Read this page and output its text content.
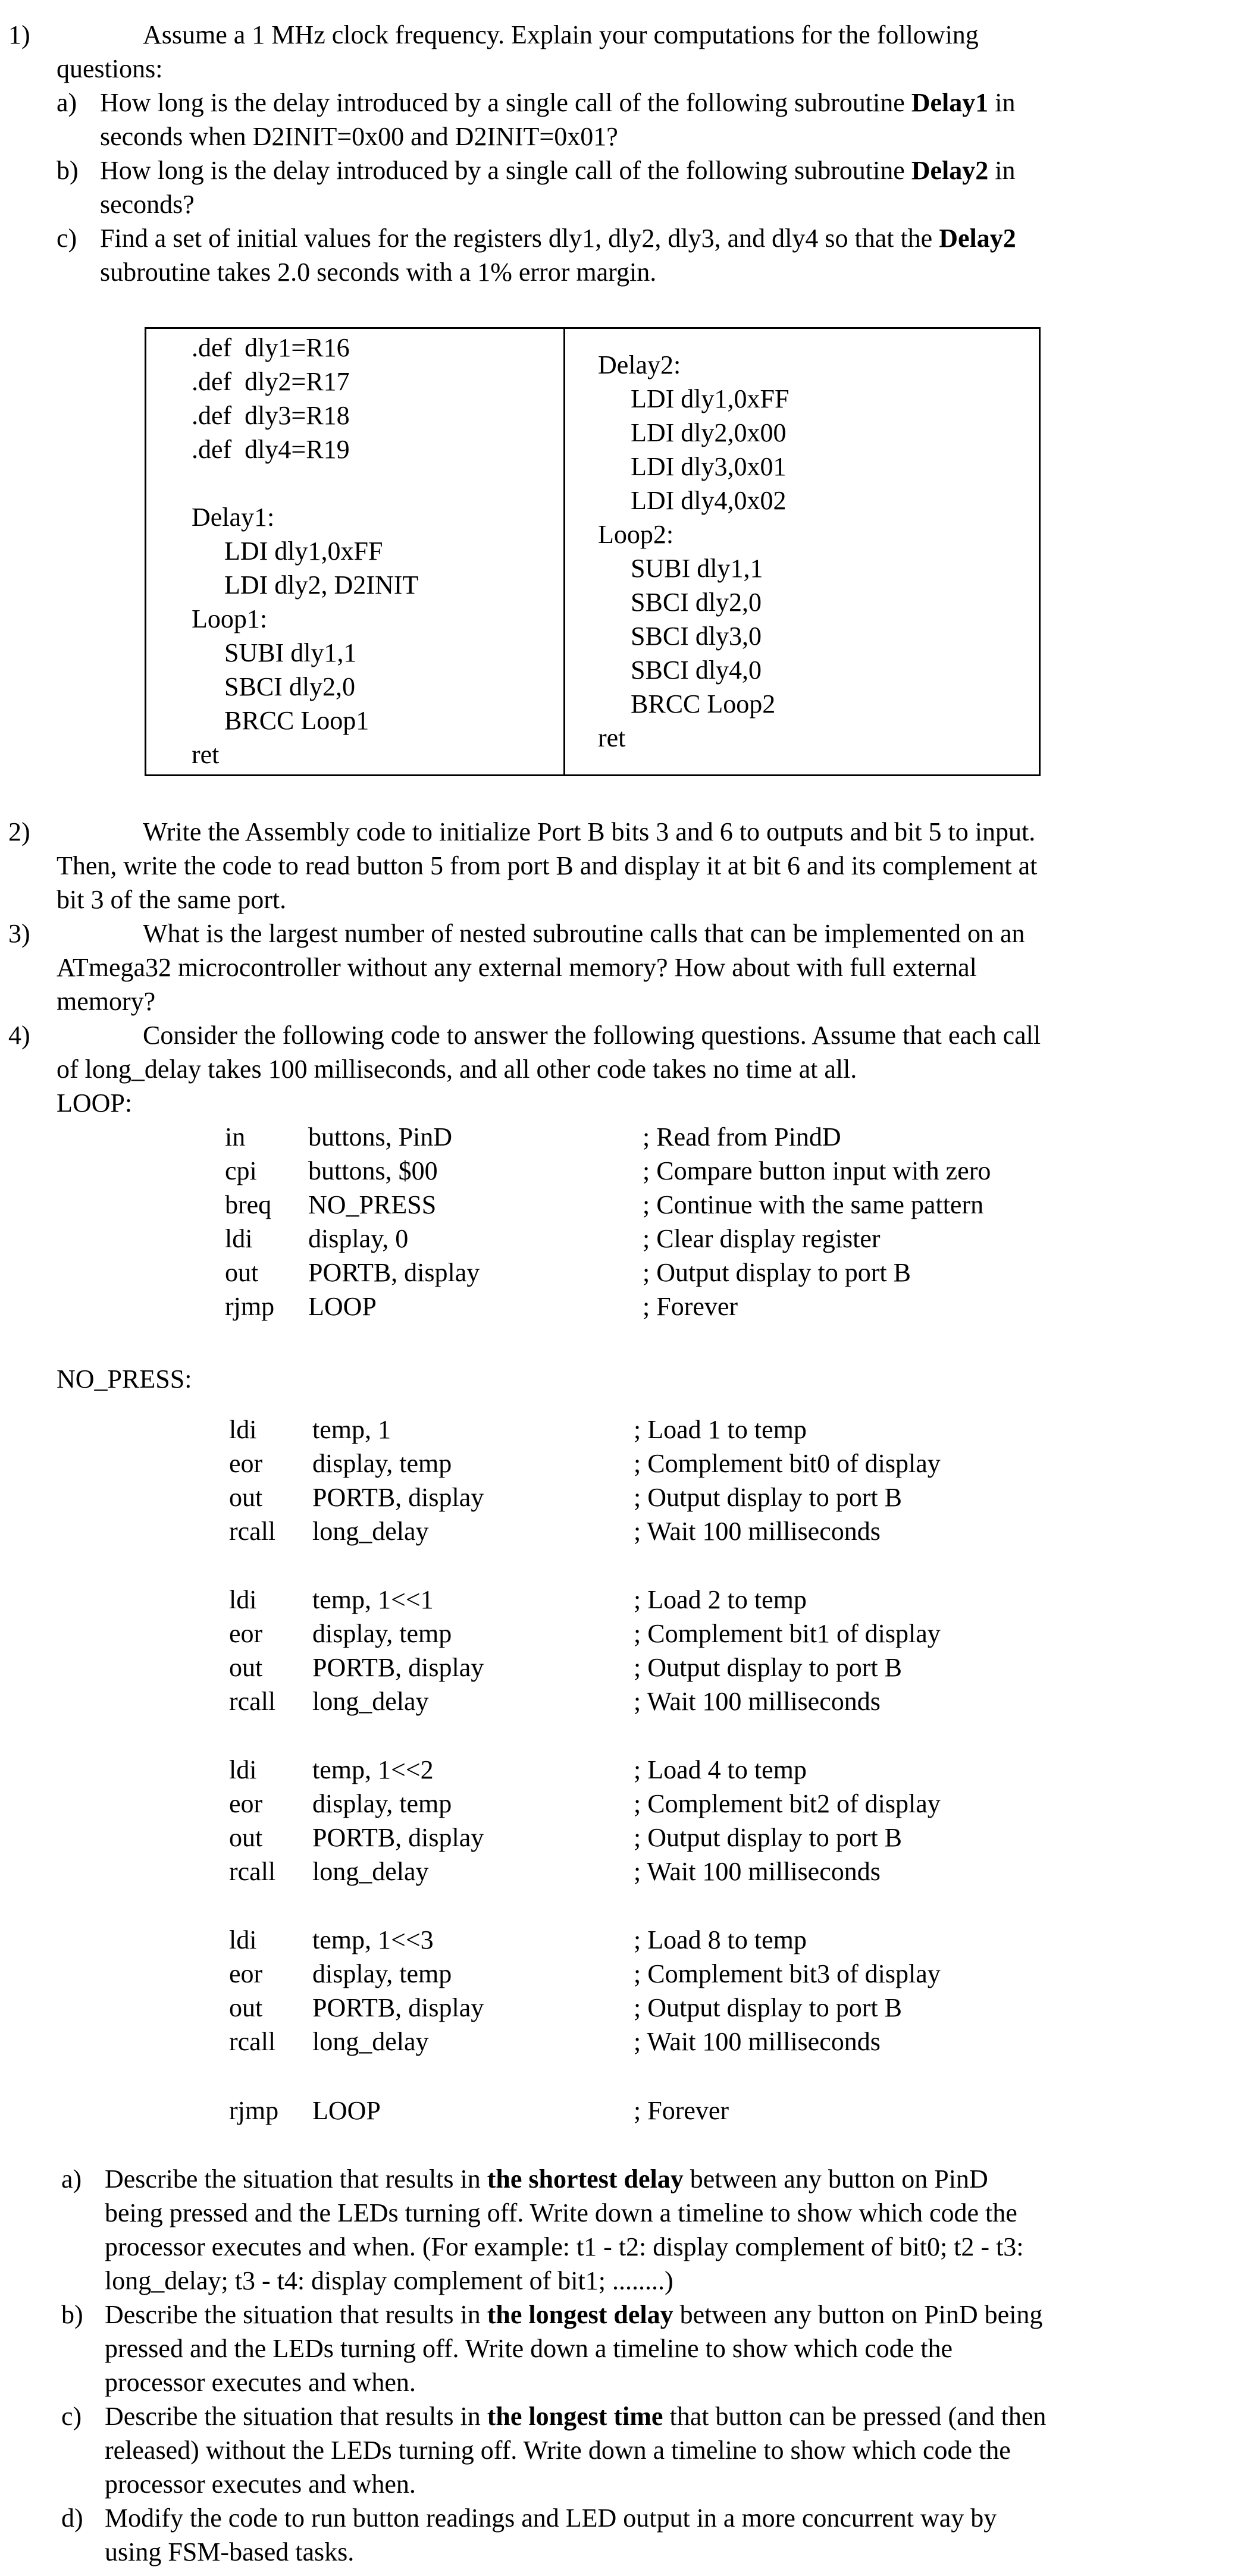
1)	Assume a 1 MHz clock frequency. Explain your computations for the following
questions:
a) How long is the delay introduced by a single call of the following subroutine Delay1 in
seconds when D2INIT=0x00 and D2INIT=0x01?
b) How long is the delay introduced by a single call of the following subroutine Delay2 in
seconds?
c) Find a set of initial values for the registers dly1, dly2, dly3, and dly4 so that the Delay2
subroutine takes 2.0 seconds with a 1% error margin.
.def  dly1=R16
.def  dly2=R17
.def  dly3=R18
.def  dly4=R19
Delay1:
LDI dly1,0xFF
LDI dly2, D2INIT
Loop1:
SUBI dly1,1
SBCI dly2,0
BRCC Loop1
ret
Delay2:
LDI dly1,0xFF
LDI dly2,0x00
LDI dly3,0x01
LDI dly4,0x02
Loop2:
SUBI dly1,1
SBCI dly2,0
SBCI dly3,0
SBCI dly4,0
BRCC Loop2
ret
2)	Write the Assembly code to initialize Port B bits 3 and 6 to outputs and bit 5 to input.
Then, write the code to read button 5 from port B and display it at bit 6 and its complement at
bit 3 of the same port.
3)	What is the largest number of nested subroutine calls that can be implemented on an
ATmega32 microcontroller without any external memory? How about with full external
memory?
4)	Consider the following code to answer the following questions. Assume that each call
of long_delay takes 100 milliseconds, and all other code takes no time at all.
LOOP:
in buttons, PinD	; Read from PindD
cpi buttons, $00	; Compare button input with zero
breq NO_PRESS	; Continue with the same pattern
ldi display, 0	; Clear display register
out PORTB, display	; Output display to port B
rjmp LOOP	; Forever
NO_PRESS:
ldi temp, 1	; Load 1 to temp
eor display, temp	; Complement bit0 of display
out PORTB, display	; Output display to port B
rcall long_delay	; Wait 100 milliseconds
ldi temp, 1<<1	; Load 2 to temp
eor display, temp	; Complement bit1 of display
out PORTB, display	; Output display to port B
rcall long_delay	; Wait 100 milliseconds
ldi temp, 1<<2	; Load 4 to temp
eor display, temp	; Complement bit2 of display
out PORTB, display	; Output display to port B
rcall long_delay	; Wait 100 milliseconds
ldi temp, 1<<3	; Load 8 to temp
eor display, temp	; Complement bit3 of display
out PORTB, display	; Output display to port B
rcall long_delay	; Wait 100 milliseconds
rjmp LOOP	; Forever
a) Describe the situation that results in the shortest delay between any button on PinD
being pressed and the LEDs turning off. Write down a timeline to show which code the
processor executes and when. (For example: t1 - t2: display complement of bit0; t2 - t3:
long_delay; t3 - t4: display complement of bit1; ........)
b) Describe the situation that results in the longest delay between any button on PinD being
pressed and the LEDs turning off. Write down a timeline to show which code the
processor executes and when.
c) Describe the situation that results in the longest time that button can be pressed (and then
released) without the LEDs turning off. Write down a timeline to show which code the
processor executes and when.
d) Modify the code to run button readings and LED output in a more concurrent way by
using FSM-based tasks.
